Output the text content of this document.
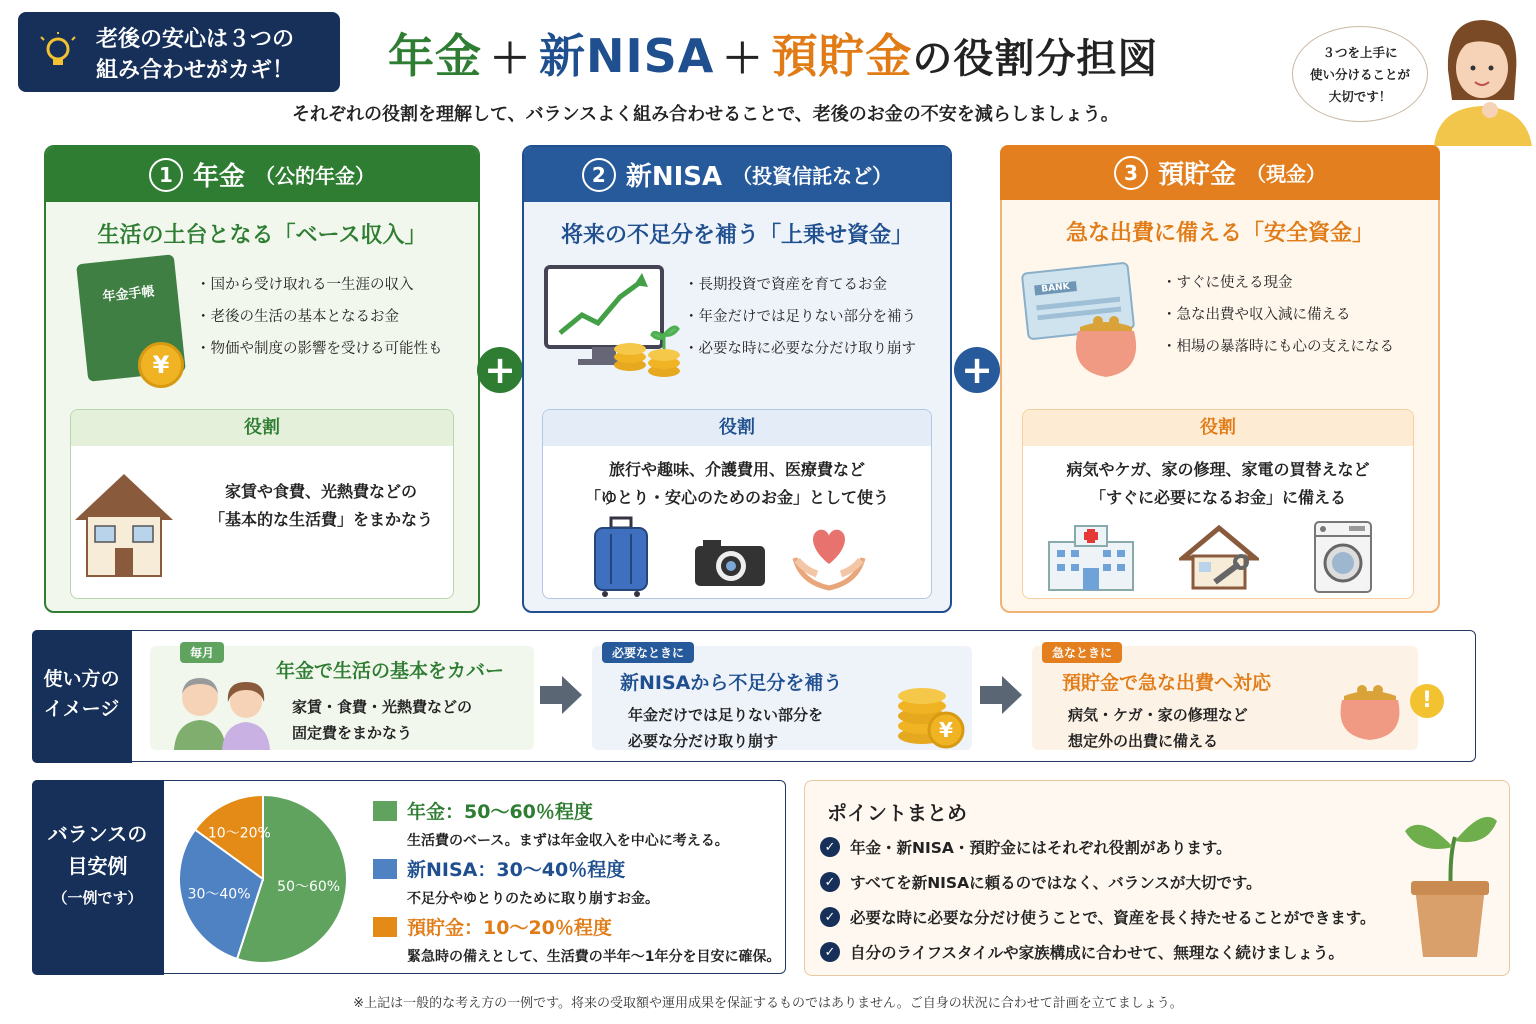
老後の安心は３つの
組み合わせがカギ！	年金 ＋ 新NISA ＋ 預貯金の役割分担図
それぞれの役割を理解して、バランスよく組み合わせることで、老後のお金の不安を減らしましょう。
３つを上手に
使い分けることが
大切です！
1 年金 （公的年金）
生活の土台となる「ベース収入」
年金手帳
¥
・ 国から受け取れる一生涯の収入
・ 老後の生活の基本となるお金
・ 物価や制度の影響を受ける可能性も
役割
家賃や食費、光熱費などの
「基本的な生活費」をまかなう
+
2 新NISA （投資信託など）
将来の不足分を補う「上乗せ資金」
・ 長期投資で資産を育てるお金
・ 年金だけでは足りない部分を補う
・ 必要な時に必要な分だけ取り崩す
役割
旅行や趣味、介護費用、医療費など
「ゆとり・安心のためのお金」として使う
+
3 預貯金 （現金）
急な出費に備える「安全資金」
BANK
・	すぐに使える現金
・ 急な出費や収入減に備える
・ 相場の暴落時にも心の支えになる
役割
病気やケガ、家の修理、家電の買替えなど
「すぐに必要になるお金」に備える
使い方の
イメージ
毎月
年金で生活の基本をカバー
家賃・食費・光熱費などの
固定費をまかなう
必要なときに
新NISAから不足分を補う
年金だけでは足りない部分を
必要な分だけ取り崩す	¥
急なときに
預貯金で急な出費へ対応
病気・ケガ・家の修理など
想定外の出費に備える
!
バランスの
目安例
（一例です）
50〜60%
30〜40%
10〜20%
年金：50〜60％程度
生活費のベース。まずは年金収入を中心に考える。
新NISA：30〜40％程度
不足分やゆとりのために取り崩すお金。
預貯金：10〜20％程度
緊急時の備えとして、生活費の半年〜1年分を目安に確保。
ポイントまとめ
✓ 年金・新NISA・預貯金にはそれぞれ役割があります。
✓ すべてを新NISAに頼るのではなく、バランスが大切です。
✓ 必要な時に必要な分だけ使うことで、資産を長く持たせることができます。
✓ 自分のライフスタイルや家族構成に合わせて、無理なく続けましょう。
※上記は一般的な考え方の一例です。将来の受取額や運用成果を保証するものではありません。ご自身の状況に合わせて計画を立てましょう。
